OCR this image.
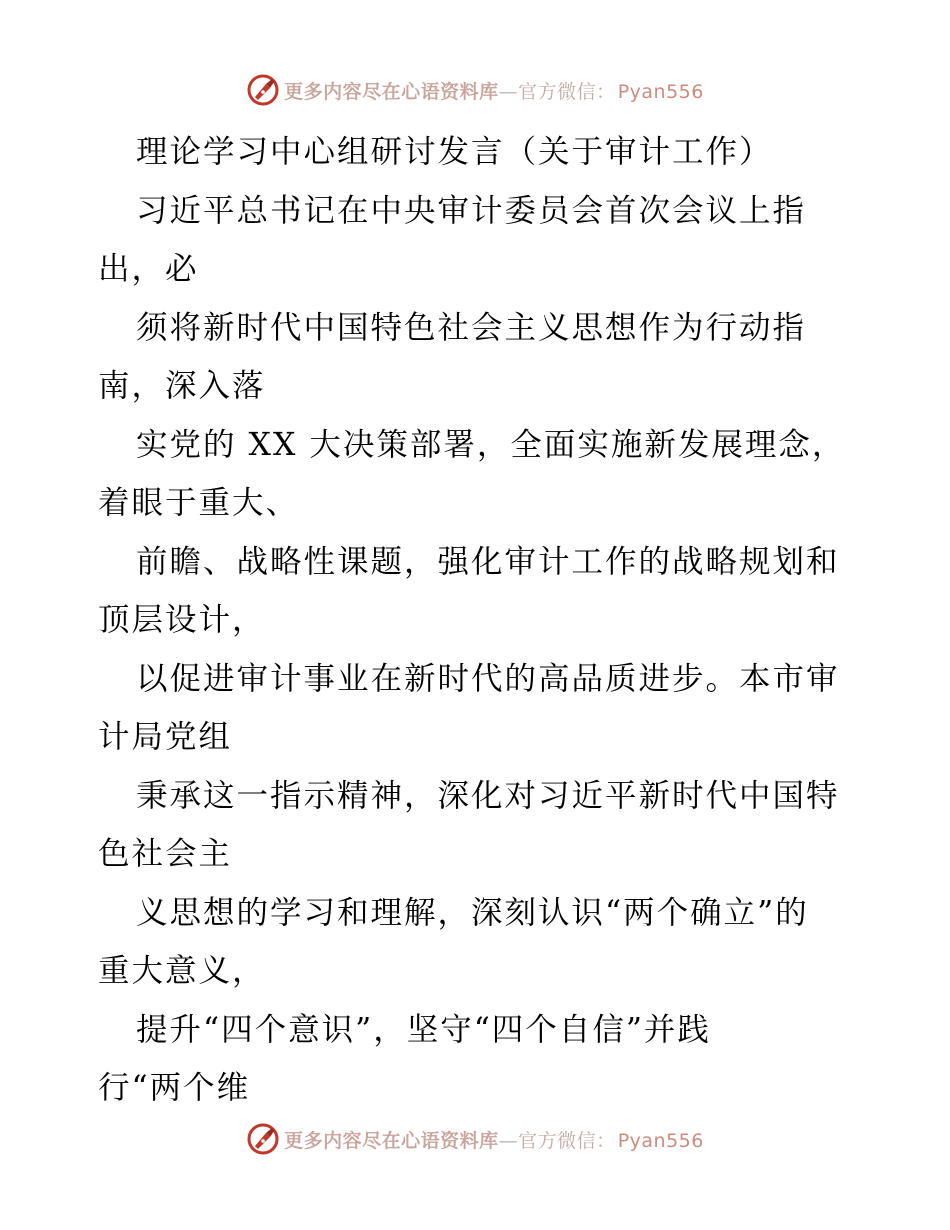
更多内容尽在心语资料库—官方微信： Pyan556
理论学习中心组研讨发言（关于审计工作）
习近平总书记在中央审计委员会首次会议上指
出，必
须将新时代中国特色社会主义思想作为行动指
南，深入落
实党的 XX 大决策部署，全面实施新发展理念，
着眼于重大、
前瞻、战略性课题，强化审计工作的战略规划和
顶层设计，
以促进审计事业在新时代的高品质进步。本市审
计局党组
秉承这一指示精神，深化对习近平新时代中国特
色社会主
义思想的学习和理解，深刻认识“两个确立”的
重大意义，
提升“四个意识”，坚守“四个自信”并践
行“两个维
更多内容尽在心语资料库—官方微信： Pyan556
